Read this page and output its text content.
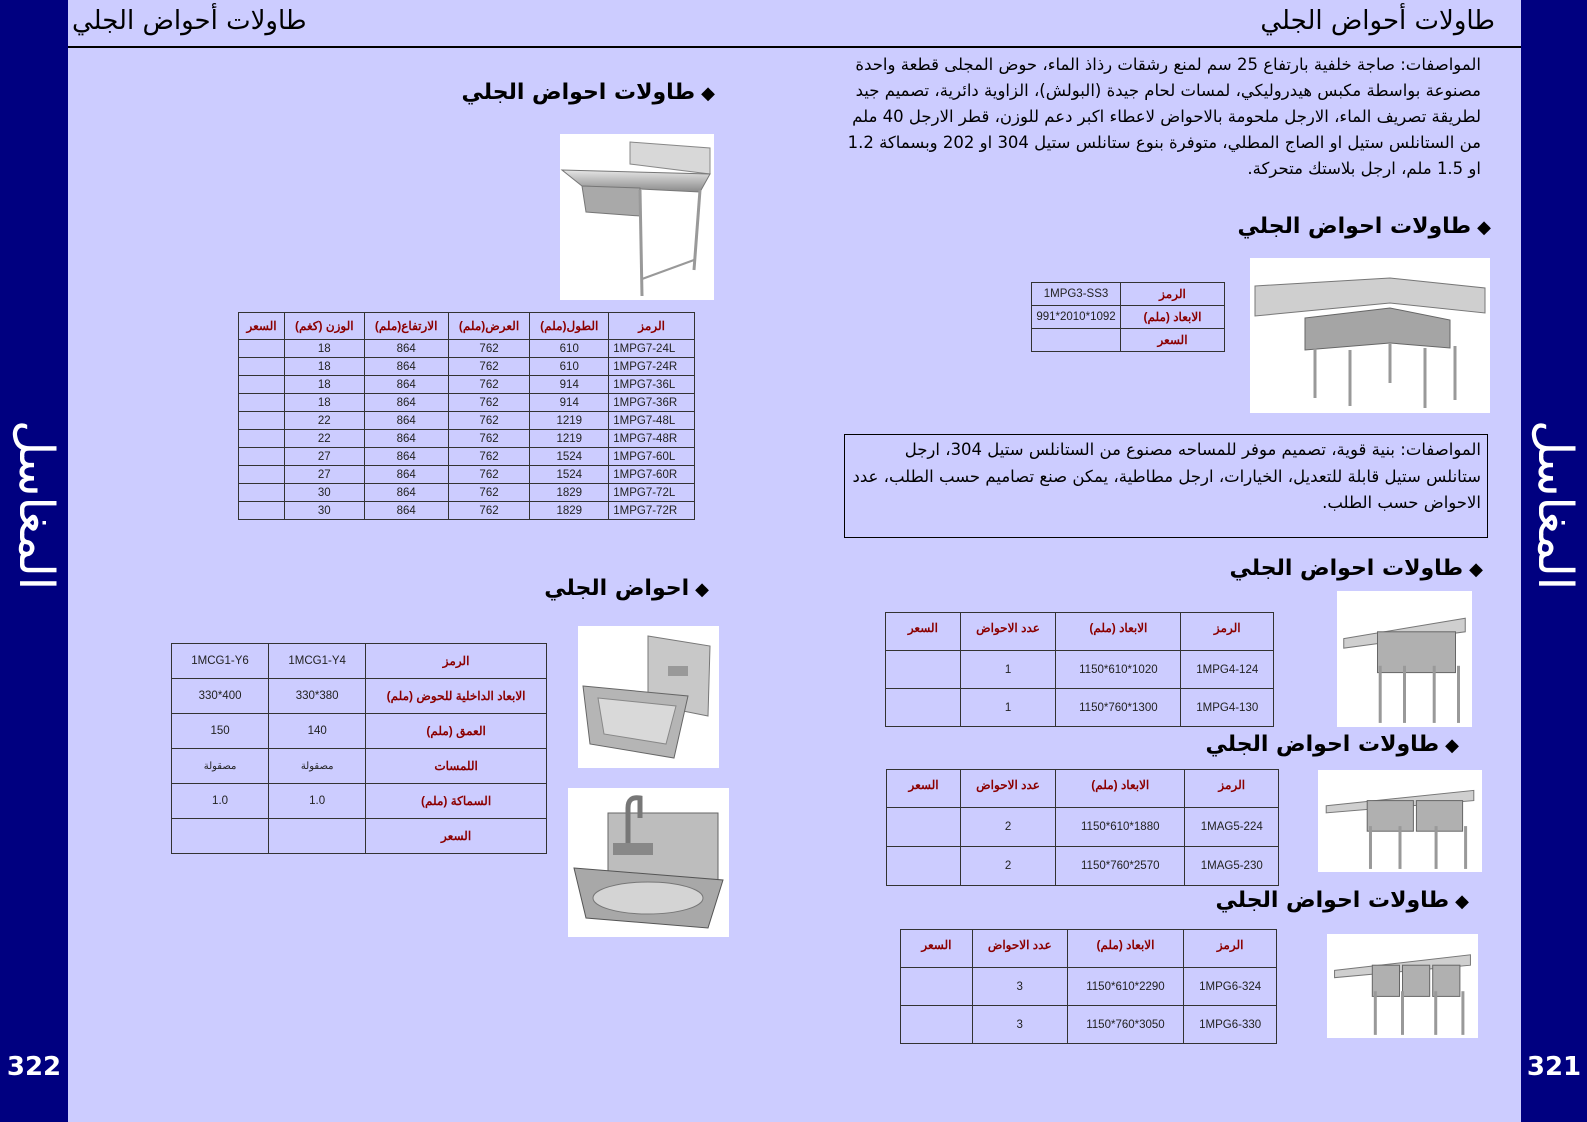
المغاسل
322
المغاسل
321
طاولات أحواض الجلي	طاولات أحواض الجلي
◆طاولات احواض الجلي
الرمز	الطول(ملم)	العرض(ملم)	الارتفاع(ملم)	الوزن (كغم)	السعر
1MPG7-24L	610	762	864	18	
1MPG7-24R	610	762	864	18	
1MPG7-36L	914	762	864	18	
1MPG7-36R	914	762	864	18	
1MPG7-48L	1219	762	864	22	
1MPG7-48R	1219	762	864	22	
1MPG7-60L	1524	762	864	27	
1MPG7-60R	1524	762	864	27	
1MPG7-72L	1829	762	864	30	
1MPG7-72R	1829	762	864	30	
◆احواض الجلي
الرمز	1MCG1-Y4	1MCG1-Y6
الابعاد الداخلية للحوض (ملم)	380*330	400*330
العمق (ملم)	140	150
اللمسات	مصقولة	مصقولة
السماكة (ملم)	1.0	1.0
السعر		
المواصفات: صاجة خلفية بارتفاع 25 سم لمنع رشقات رذاذ الماء، حوض المجلى قطعة واحدة مصنوعة بواسطة مكبس هيدروليكي، لمسات لحام جيدة (البولش)، الزاوية دائرية، تصميم جيد لطريقة تصريف الماء، الارجل ملحومة بالاحواض لاعطاء اكبر دعم للوزن، قطر الارجل 40 ملم من الستانلس ستيل او الصاج المطلي، متوفرة بنوع ستانلس ستيل 304 او 202 وبسماكة 1.2 او 1.5 ملم، ارجل بلاستك متحركة.
◆طاولات احواض الجلي
الرمز	1MPG3-SS3
الابعاد (ملم)	1092*2010*991
السعر	
المواصفات: بنية قوية، تصميم موفر للمساحه مصنوع من الستانلس ستيل 304، ارجل ستانلس ستيل قابلة للتعديل، الخيارات، ارجل مطاطية، يمكن صنع تصاميم حسب الطلب، عدد الاحواض حسب الطلب.
◆طاولات احواض الجلي
الرمز	الابعاد (ملم)	عدد الاحواض	السعر
1MPG4-124	1020*610*1150	1	
1MPG4-130	1300*760*1150	1	
◆طاولات احواض الجلي
الرمز	الابعاد (ملم)	عدد الاحواض	السعر
1MAG5-224	1880*610*1150	2	
1MAG5-230	2570*760*1150	2	
◆طاولات احواض الجلي
الرمز	الابعاد (ملم)	عدد الاحواض	السعر
1MPG6-324	2290*610*1150	3	
1MPG6-330	3050*760*1150	3	
